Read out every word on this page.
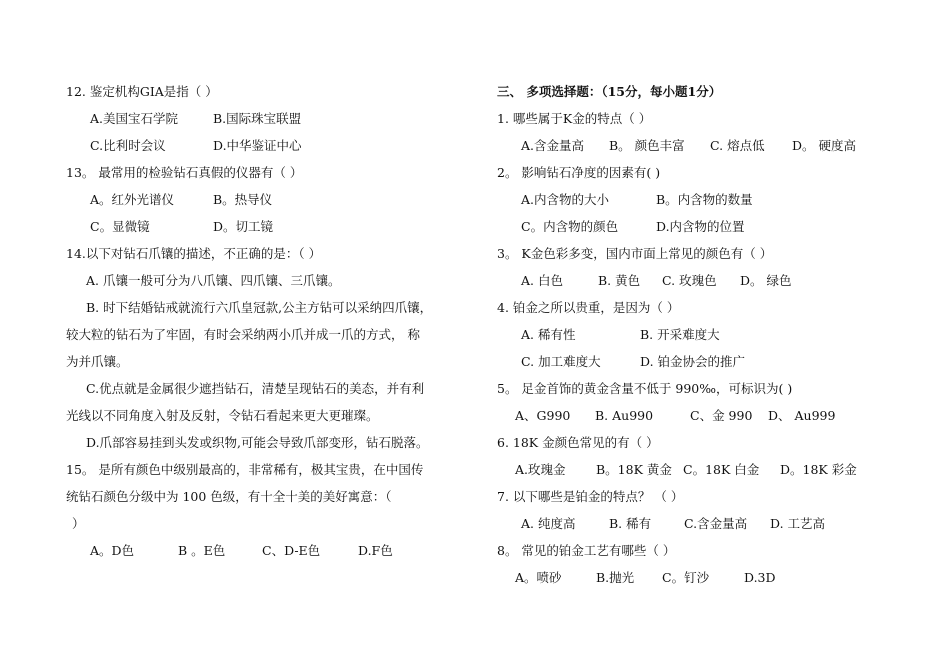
12. 鉴定机构GIA是指（ ）
A.美国宝石学院	B.国际珠宝联盟
C.比利时会议	D.中华鉴证中心
13。 最常用的检验钻石真假的仪器有（ ）
A。红外光谱仪	B。热导仪
C。显微镜	D。切工镜
14.以下对钻石爪镶的描述，不正确的是：（ ）
A. 爪镶一般可分为八爪镶、四爪镶、三爪镶。
B. 时下结婚钻戒就流行六爪皇冠款,公主方钻可以采纳四爪镶，
较大粒的钻石为了牢固，有时会采纳两小爪并成一爪的方式， 称
为并爪镶。
C.优点就是金属很少遮挡钻石，清楚呈现钻石的美态，并有利
光线以不同角度入射及反射，令钻石看起来更大更璀璨。
D.爪部容易挂到头发或织物,可能会导致爪部变形，钻石脱落。
15。 是所有颜色中级别最高的，非常稀有，极其宝贵，在中国传
统钻石颜色分级中为 100 色级，有十全十美的美好寓意：（
）
A。D色	B 。E色	C、D-E色	D.F色
三、 多项选择题：（15分，每小题1分）
1. 哪些属于K金的特点（ ）
A.含金量高 B。 颜色丰富 C. 熔点低 D。 硬度高
2。 影响钻石净度的因素有( )
A.内含物的大小	B。内含物的数量
C。内含物的颜色	D.内含物的位置
3。 K金色彩多变，国内市面上常见的颜色有（ ）
A. 白色	B. 黄色 C. 玫瑰色 D。 绿色
4. 铂金之所以贵重，是因为（ ）
A. 稀有性	B. 开采难度大
C. 加工难度大	D. 铂金协会的推广
5。 足金首饰的黄金含量不低于 990‰，可标识为( )
A、G990 B. Au990	C、金 990 D、 Au999
6. 18K 金颜色常见的有（ ）
A.玫瑰金 B。18K 黄金 C。18K 白金 D。18K 彩金
7. 以下哪些是铂金的特点？ （ ）
A. 纯度高	B. 稀有	C.含金量高 D. 工艺高
8。 常见的铂金工艺有哪些（ ）
A。喷砂	B.抛光 C。钉沙	D.3D
